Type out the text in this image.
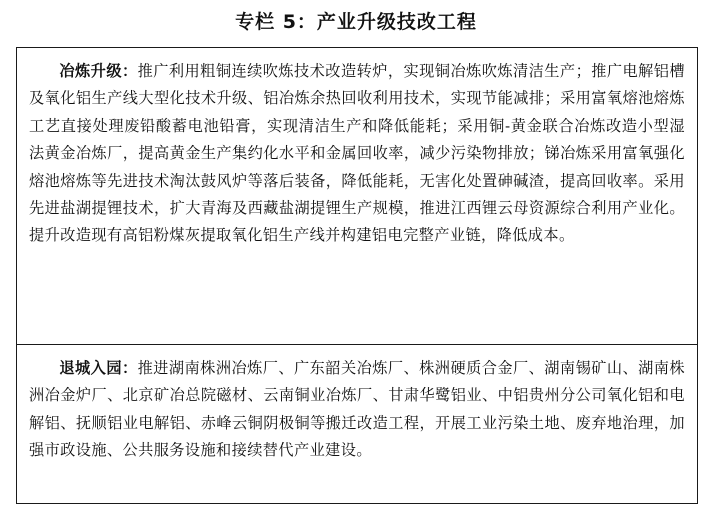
专栏 5：产业升级技改工程
冶炼升级：推广利用粗铜连续吹炼技术改造转炉，实现铜冶炼吹炼清洁生产；推广电解铝槽及氧化铝生产线大型化技术升级、铝冶炼余热回收利用技术，实现节能减排；采用富氧熔池熔炼工艺直接处理废铅酸蓄电池铅膏，实现清洁生产和降低能耗；采用铜-黄金联合冶炼改造小型湿法黄金冶炼厂，提高黄金生产集约化水平和金属回收率，减少污染物排放；锑冶炼采用富氧强化熔池熔炼等先进技术淘汰鼓风炉等落后装备，降低能耗，无害化处置砷碱渣，提高回收率。采用先进盐湖提锂技术，扩大青海及西藏盐湖提锂生产规模，推进江西锂云母资源综合利用产业化。提升改造现有高铝粉煤灰提取氧化铝生产线并构建铝电完整产业链，降低成本。
退城入园：推进湖南株洲冶炼厂、广东韶关冶炼厂、株洲硬质合金厂、湖南锡矿山、湖南株洲冶金炉厂、北京矿冶总院磁材、云南铜业冶炼厂、甘肃华鹭铝业、中铝贵州分公司氧化铝和电解铝、抚顺铝业电解铝、赤峰云铜阴极铜等搬迁改造工程，开展工业污染土地、废弃地治理，加强市政设施、公共服务设施和接续替代产业建设。
